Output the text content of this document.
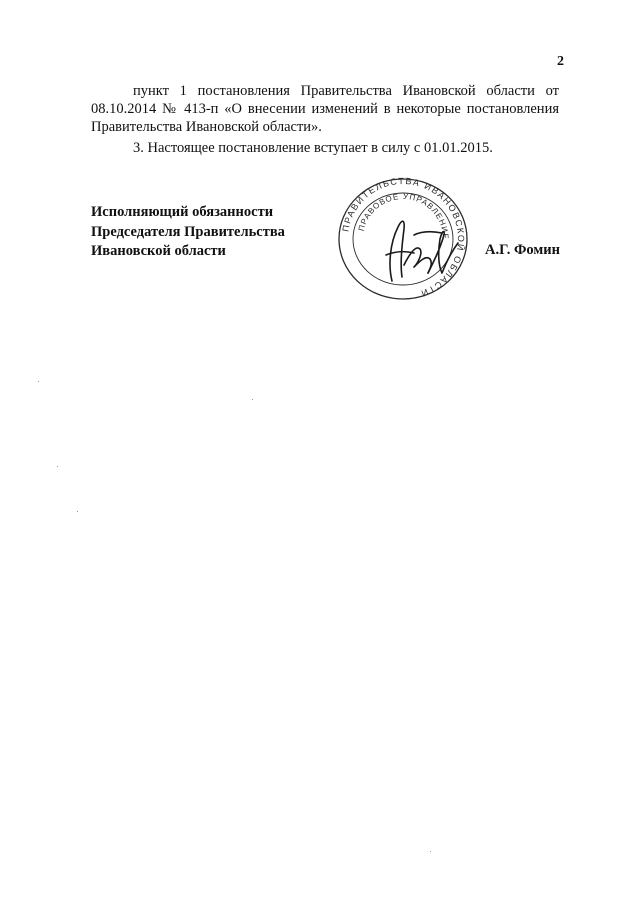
2

пункт 1 постановления Правительства Ивановской области от 08.10.2014 № 413-п «О внесении изменений в некоторые постановления Правительства Ивановской области».

3. Настоящее постановление вступает в силу с 01.01.2015.

Исполняющий обязанности
Председателя Правительства
Ивановской области
ПРАВИТЕЛЬСТВА ИВАНОВСКОЙ ОБЛАСТИ
ПРАВОВОЕ УПРАВЛЕНИЕ
А.Г. Фомин
